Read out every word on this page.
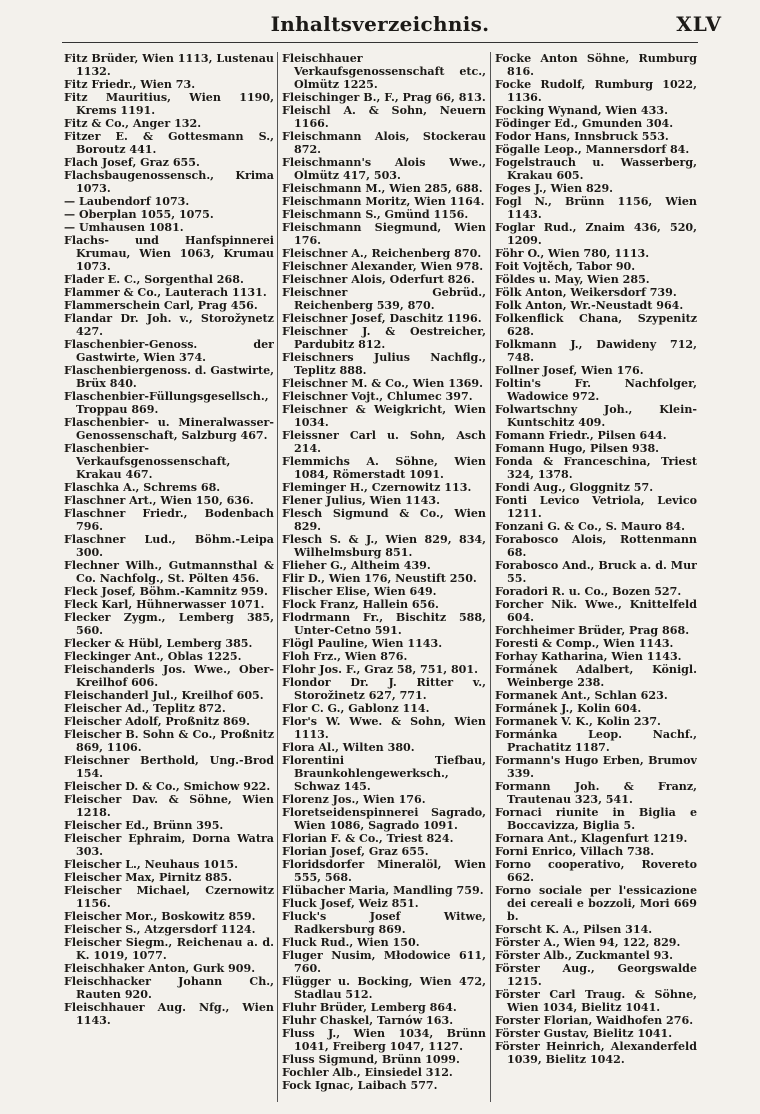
Inhaltsverzeichnis.	XLV
Fitz Brüder, Wien 1113, Lustenau 1132.
Fitz Friedr., Wien 73.
Fitz Mauritius, Wien 1190, Krems 1191.
Fitz & Co., Anger 132.
Fitzer E. & Gottesmann S., Boroutz 441.
Flach Josef, Graz 655.
Flachsbaugenossensch., Krima 1073.
— Laubendorf 1073.
— Oberplan 1055, 1075.
— Umhausen 1081.
Flachs- und Hanfspinnerei Krumau, Wien 1063, Krumau 1073.
Flader E. C., Sorgenthal 268.
Flammer & Co., Lauterach 1131.
Flammerschein Carl, Prag 456.
Flandar Dr. Joh. v., Storožynetz 427.
Flaschenbier-Genoss. der Gastwirte, Wien 374.
Flaschenbiergenoss. d. Gastwirte, Brüx 840.
Flaschenbier-Füllungsgesellsch., Troppau 869.
Flaschenbier- u. Mineralwasser-Genossenschaft, Salzburg 467.
Flaschenbier-Verkaufsgenossenschaft, Krakau 467.
Flaschka A., Schrems 68.
Flaschner Art., Wien 150, 636.
Flaschner Friedr., Bodenbach 796.
Flaschner Lud., Böhm.-Leipa 300.
Flechner Wilh., Gutmannsthal & Co. Nachfolg., St. Pölten 456.
Fleck Josef, Böhm.-Kamnitz 959.
Fleck Karl, Hühnerwasser 1071.
Flecker Zygm., Lemberg 385, 560.
Flecker & Hübl, Lemberg 385.
Fleckinger Ant., Oblas 1225.
Fleischanderls Jos. Wwe., Ober-Kreilhof 606.
Fleischanderl Jul., Kreilhof 605.
Fleischer Ad., Teplitz 872.
Fleischer Adolf, Proßnitz 869.
Fleischer B. Sohn & Co., Proßnitz 869, 1106.
Fleischner Berthold, Ung.-Brod 154.
Fleischer D. & Co., Smichow 922.
Fleischer Dav. & Söhne, Wien 1218.
Fleischer Ed., Brünn 395.
Fleischer Ephraim, Dorna Watra 303.
Fleischer L., Neuhaus 1015.
Fleischer Max, Pirnitz 885.
Fleischer Michael, Czernowitz 1156.
Fleischer Mor., Boskowitz 859.
Fleischer S., Atzgersdorf 1124.
Fleischer Siegm., Reichenau a. d. K. 1019, 1077.
Fleischhaker Anton, Gurk 909.
Fleischhacker Johann Ch., Rauten 920.
Fleischhauer Aug. Nfg., Wien 1143.
Fleischhauer Verkaufsgenossenschaft etc., Olmütz 1225.
Fleischinger B., F., Prag 66, 813.
Fleischl A. & Sohn, Neuern 1166.
Fleischmann Alois, Stockerau 872.
Fleischmann's Alois Wwe., Olmütz 417, 503.
Fleischmann M., Wien 285, 688.
Fleischmann Moritz, Wien 1164.
Fleischmann S., Gmünd 1156.
Fleischmann Siegmund, Wien 176.
Fleischner A., Reichenberg 870.
Fleischner Alexander, Wien 978.
Fleischner Alois, Oderfurt 826.
Fleischner Gebrüd., Reichenberg 539, 870.
Fleischner Josef, Daschitz 1196.
Fleischner J. & Oestreicher, Pardubitz 812.
Fleischners Julius Nachflg., Teplitz 888.
Fleischner M. & Co., Wien 1369.
Fleischner Vojt., Chlumec 397.
Fleischner & Weigkricht, Wien 1034.
Fleissner Carl u. Sohn, Asch 214.
Flemmichs A. Söhne, Wien 1084, Römerstadt 1091.
Fleminger H., Czernowitz 113.
Flener Julius, Wien 1143.
Flesch Sigmund & Co., Wien 829.
Flesch S. & J., Wien 829, 834, Wilhelmsburg 851.
Flieher G., Altheim 439.
Flir D., Wien 176, Neustift 250.
Flischer Elise, Wien 649.
Flock Franz, Hallein 656.
Flodrmann Fr., Bischitz 588, Unter-Cetno 591.
Flögl Pauline, Wien 1143.
Floh Frz., Wien 876.
Flohr Jos. F., Graz 58, 751, 801.
Flondor Dr. J. Ritter v., Storožinetz 627, 771.
Flor C. G., Gablonz 114.
Flor's W. Wwe. & Sohn, Wien 1113.
Flora Al., Wilten 380.
Florentini Tiefbau, Braunkohlengewerksch., Schwaz 145.
Florenz Jos., Wien 176.
Floretseidenspinnerei Sagrado, Wien 1086, Sagrado 1091.
Florian F. & Co., Triest 824.
Florian Josef, Graz 655.
Floridsdorfer Mineralöl, Wien 555, 568.
Flübacher Maria, Mandling 759.
Fluck Josef, Weiz 851.
Fluck's Josef Witwe, Radkersburg 869.
Fluck Rud., Wien 150.
Fluger Nusim, Młodowice 611, 760.
Flügger u. Bocking, Wien 472, Stadlau 512.
Fluhr Brüder, Lemberg 864.
Fluhr Chaskel, Tarnów 163.
Fluss J., Wien 1034, Brünn 1041, Freiberg 1047, 1127.
Fluss Sigmund, Brünn 1099.
Fochler Alb., Einsiedel 312.
Fock Ignac, Laibach 577.
Focke Anton Söhne, Rumburg 816.
Focke Rudolf, Rumburg 1022, 1136.
Focking Wynand, Wien 433.
Födinger Ed., Gmunden 304.
Fodor Hans, Innsbruck 553.
Fögalle Leop., Mannersdorf 84.
Fogelstrauch u. Wasserberg, Krakau 605.
Foges J., Wien 829.
Fogl N., Brünn 1156, Wien 1143.
Foglar Rud., Znaim 436, 520, 1209.
Föhr O., Wien 780, 1113.
Foit Vojtěch, Tabor 90.
Földes u. May, Wien 285.
Fölk Anton, Weikersdorf 739.
Folk Anton, Wr.-Neustadt 964.
Folkenflick Chana, Szypenitz 628.
Folkmann J., Dawideny 712, 748.
Follner Josef, Wien 176.
Foltin's Fr. Nachfolger, Wadowice 972.
Folwartschny Joh., Klein-Kuntschitz 409.
Fomann Friedr., Pilsen 644.
Fomann Hugo, Pilsen 938.
Fonda & Franceschina, Triest 324, 1378.
Fondi Aug., Gloggnitz 57.
Fonti Levico Vetriola, Levico 1211.
Fonzani G. & Co., S. Mauro 84.
Forabosco Alois, Rottenmann 68.
Forabosco And., Bruck a. d. Mur 55.
Foradori R. u. Co., Bozen 527.
Forcher Nik. Wwe., Knittelfeld 604.
Forchheimer Brüder, Prag 868.
Foresti & Comp., Wien 1143.
Forhay Katharina, Wien 1143.
Formánek Adalbert, Königl. Weinberge 238.
Formanek Ant., Schlan 623.
Formánek J., Kolin 604.
Formanek V. K., Kolin 237.
Formánka Leop. Nachf., Prachatitz 1187.
Formann's Hugo Erben, Brumov 339.
Formann Joh. & Franz, Trautenau 323, 541.
Fornaci riunite in Biglia e Boccavizza, Biglia 5.
Fornara Ant., Klagenfurt 1219.
Forni Enrico, Villach 738.
Forno cooperativo, Rovereto 662.
Forno sociale per l'essicazione dei cereali e bozzoli, Mori 669 b.
Forscht K. A., Pilsen 314.
Förster A., Wien 94, 122, 829.
Förster Alb., Zuckmantel 93.
Förster Aug., Georgswalde 1215.
Förster Carl Traug. & Söhne, Wien 1034, Bielitz 1041.
Forster Florian, Waidhofen 276.
Förster Gustav, Bielitz 1041.
Förster Heinrich, Alexanderfeld 1039, Bielitz 1042.
